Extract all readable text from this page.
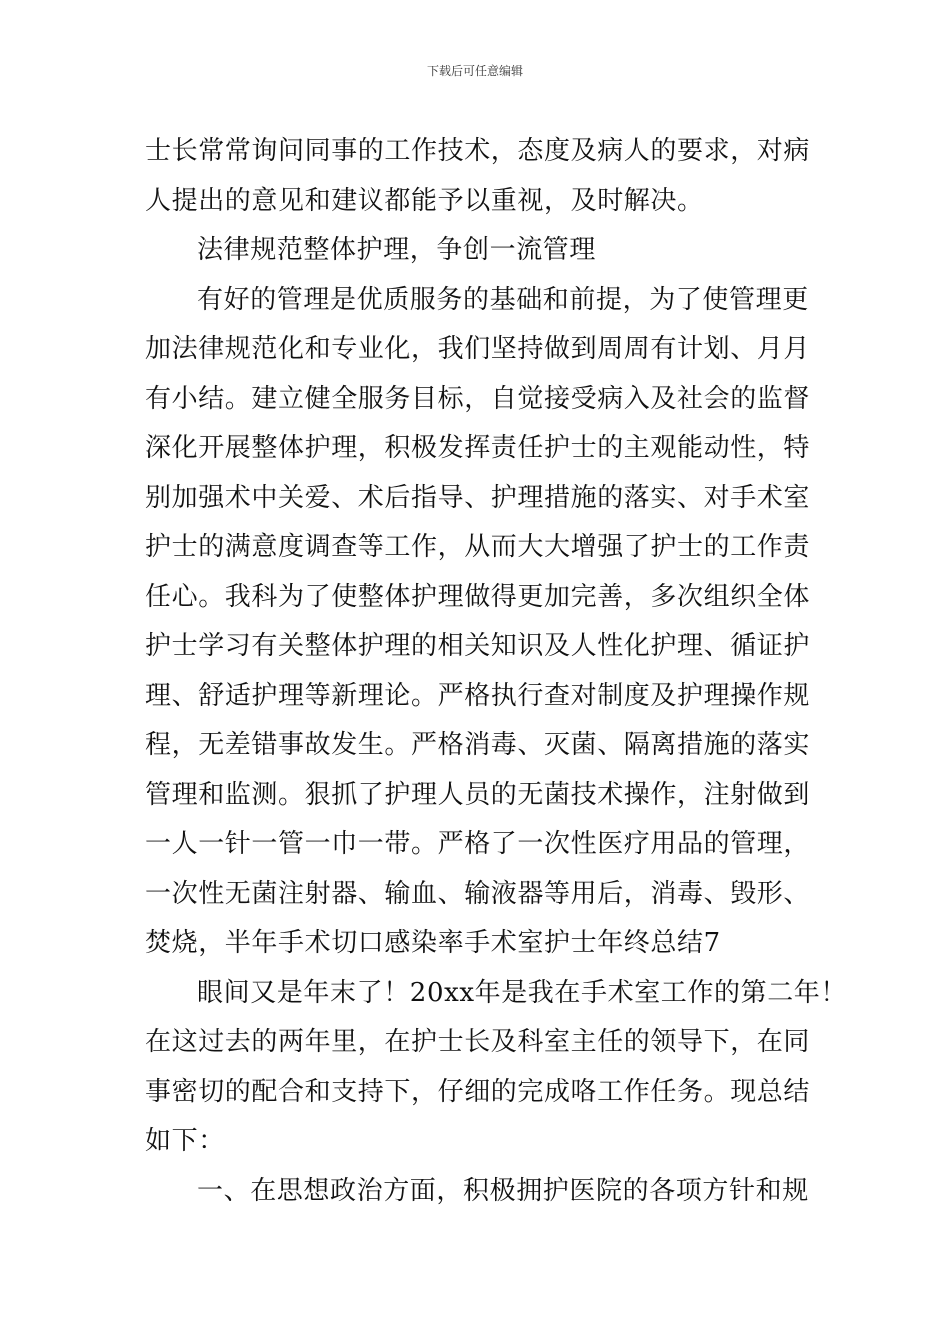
下载后可任意编辑
士长常常询问同事的工作技术，态度及病人的要求，对病
人提出的意见和建议都能予以重视，及时解决。
法律规范整体护理，争创一流管理
有好的管理是优质服务的基础和前提，为了使管理更
加法律规范化和专业化，我们坚持做到周周有计划、月月
有小结。建立健全服务目标，自觉接受病入及社会的监督
深化开展整体护理，积极发挥责任护士的主观能动性，特
别加强术中关爱、术后指导、护理措施的落实、对手术室
护士的满意度调查等工作，从而大大增强了护士的工作责
任心。我科为了使整体护理做得更加完善，多次组织全体
护士学习有关整体护理的相关知识及人性化护理、循证护
理、舒适护理等新理论。严格执行查对制度及护理操作规
程，无差错事故发生。严格消毒、灭菌、隔离措施的落实
管理和监测。狠抓了护理人员的无菌技术操作，注射做到
一人一针一管一巾一带。严格了一次性医疗用品的管理，
一次性无菌注射器、输血、输液器等用后，消毒、毁形、
焚烧，半年手术切口感染率手术室护士年终总结7
眼间又是年末了！20xx年是我在手术室工作的第二年！
在这过去的两年里，在护士长及科室主任的领导下，在同
事密切的配合和支持下，仔细的完成咯工作任务。现总结
如下：
一、在思想政治方面，积极拥护医院的各项方针和规
